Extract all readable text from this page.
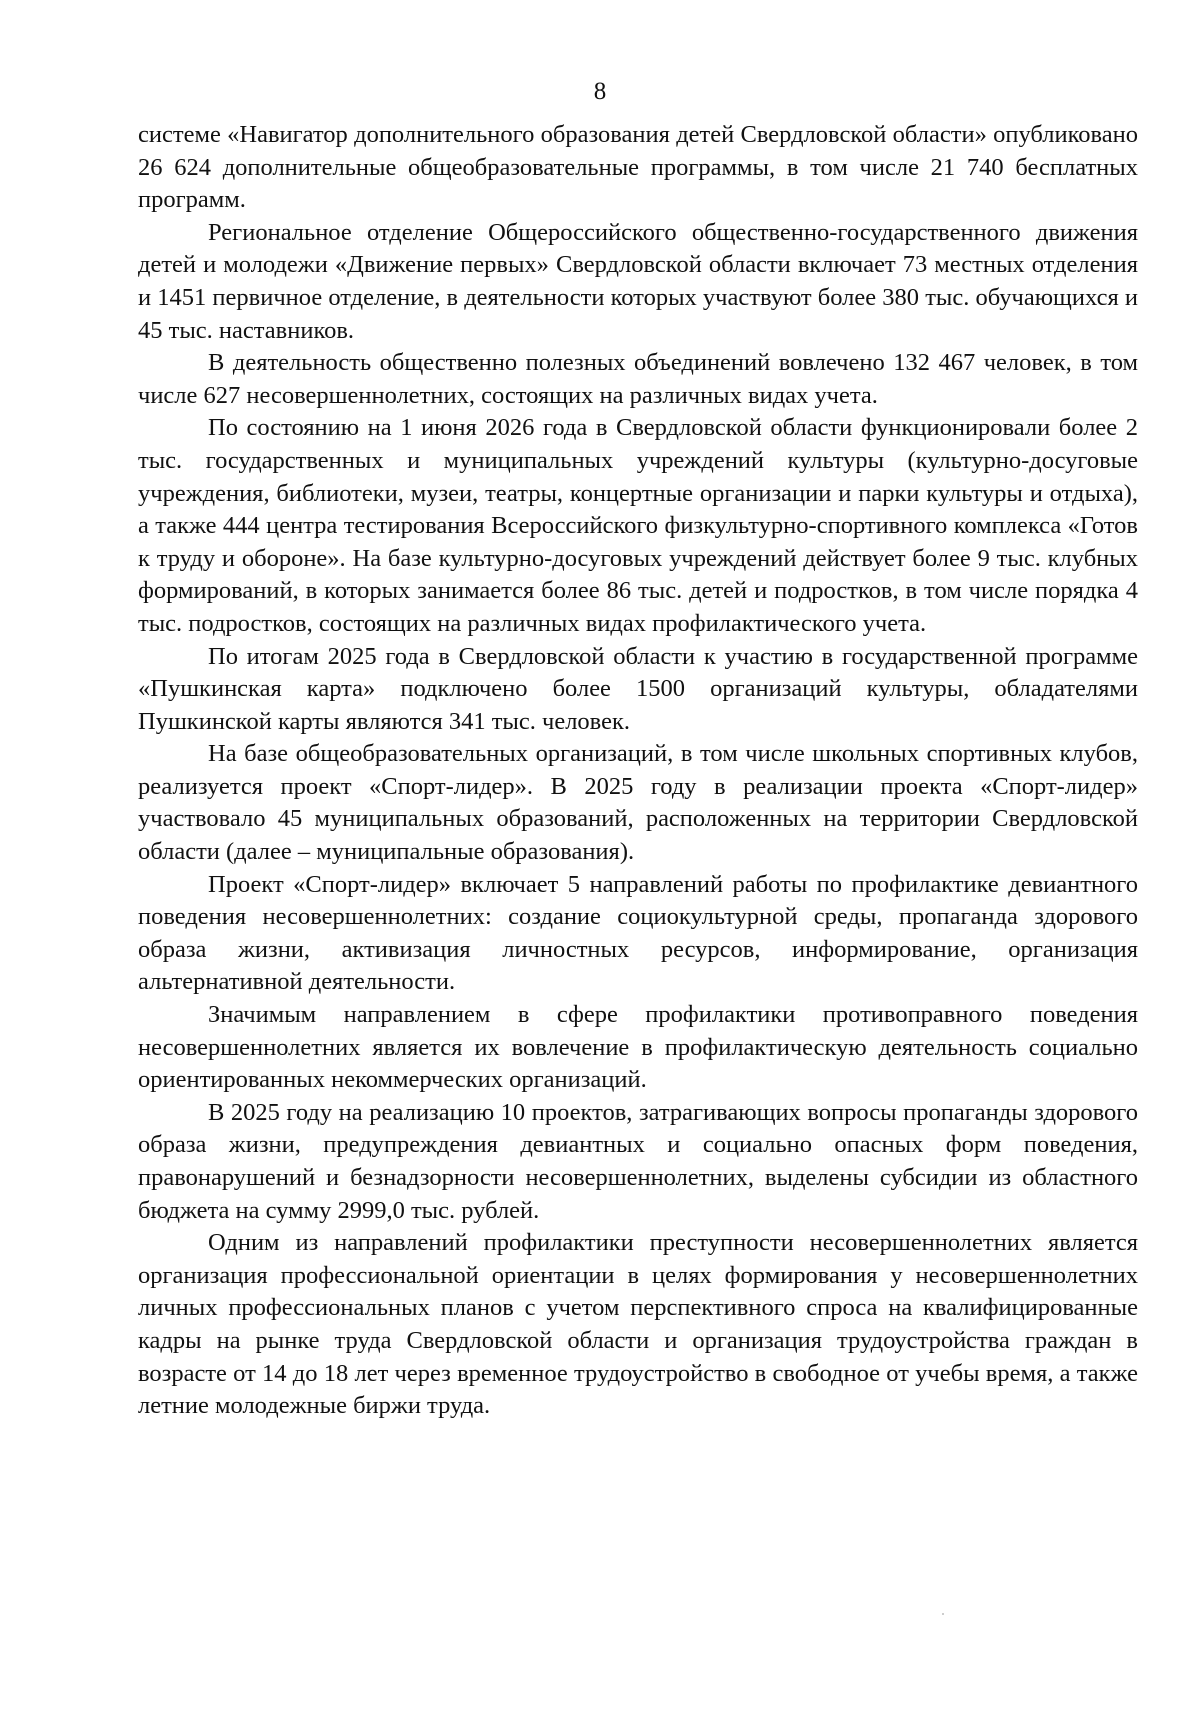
8

системе «Навигатор дополнительного образования детей Свердловской области» опубликовано 26 624 дополнительные общеобразовательные программы, в том числе 21 740 бесплатных программ.

Региональное отделение Общероссийского общественно-государственного движения детей и молодежи «Движение первых» Свердловской области включает 73 местных отделения и 1451 первичное отделение, в деятельности которых участвуют более 380 тыс. обучающихся и 45 тыс. наставников.

В деятельность общественно полезных объединений вовлечено 132 467 человек, в том числе 627 несовершеннолетних, состоящих на различных видах учета.

По состоянию на 1 июня 2026 года в Свердловской области функционировали более 2 тыс. государственных и муниципальных учреждений культуры (культурно-досуговые учреждения, библиотеки, музеи, театры, концертные организации и парки культуры и отдыха), а также 444 центра тестирования Всероссийского физкультурно-спортивного комплекса «Готов к труду и обороне». На базе культурно-досуговых учреждений действует более 9 тыс. клубных формирований, в которых занимается более 86 тыс. детей и подростков, в том числе порядка 4 тыс. подростков, состоящих на различных видах профилактического учета.

По итогам 2025 года в Свердловской области к участию в государственной программе «Пушкинская карта» подключено более 1500 организаций культуры, обладателями Пушкинской карты являются 341 тыс. человек.

На базе общеобразовательных организаций, в том числе школьных спортивных клубов, реализуется проект «Спорт-лидер». В 2025 году в реализации проекта «Спорт-лидер» участвовало 45 муниципальных образований, расположенных на территории Свердловской области (далее – муниципальные образования).

Проект «Спорт-лидер» включает 5 направлений работы по профилактике девиантного поведения несовершеннолетних: создание социокультурной среды, пропаганда здорового образа жизни, активизация личностных ресурсов, информирование, организация альтернативной деятельности.

Значимым направлением в сфере профилактики противоправного поведения несовершеннолетних является их вовлечение в профилактическую деятельность социально ориентированных некоммерческих организаций.

В 2025 году на реализацию 10 проектов, затрагивающих вопросы пропаганды здорового образа жизни, предупреждения девиантных и социально опасных форм поведения, правонарушений и безнадзорности несовершеннолетних, выделены субсидии из областного бюджета на сумму 2999,0 тыс. рублей.

Одним из направлений профилактики преступности несовершеннолетних является организация профессиональной ориентации в целях формирования у несовершеннолетних личных профессиональных планов с учетом перспективного спроса на квалифицированные кадры на рынке труда Свердловской области и организация трудоустройства граждан в возрасте от 14 до 18 лет через временное трудоустройство в свободное от учебы время, а также летние молодежные биржи труда.
